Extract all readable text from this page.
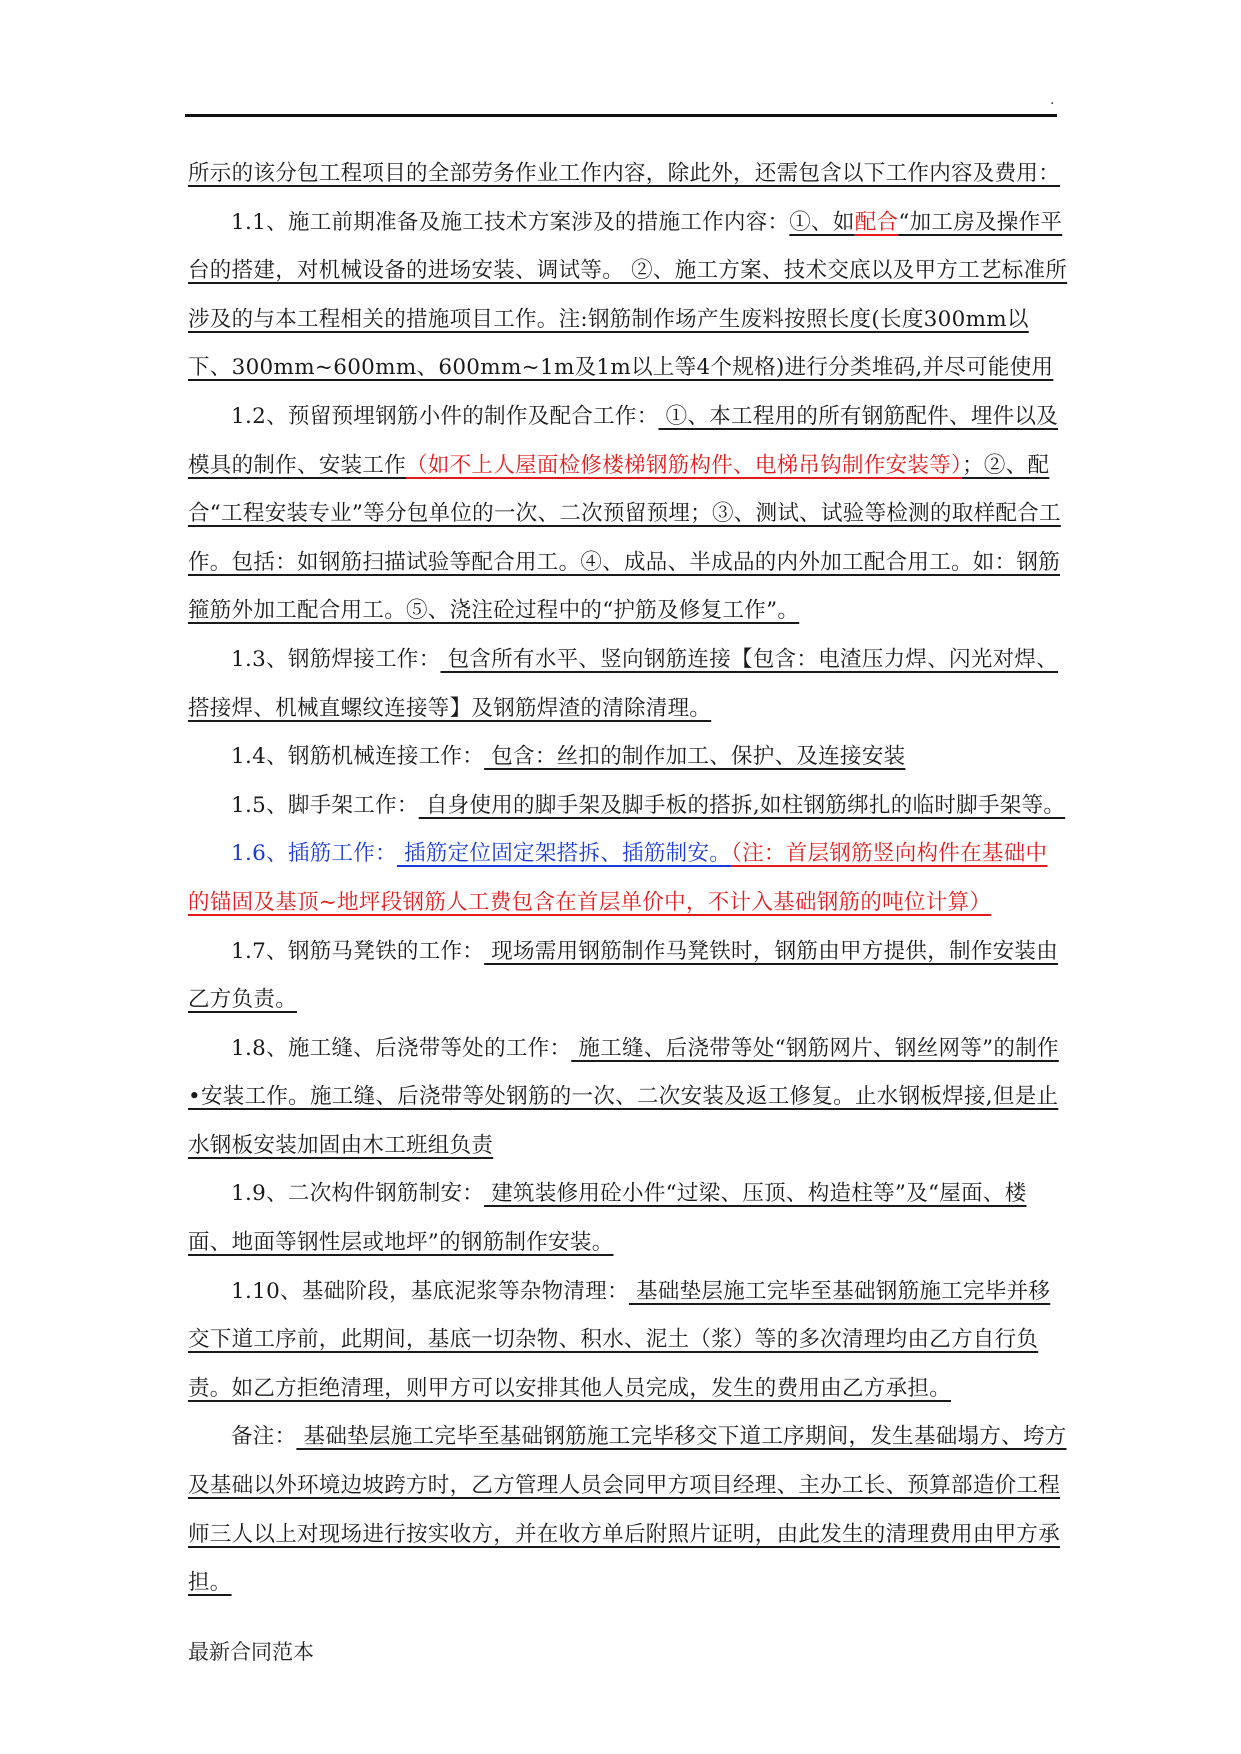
.

所示的该分包工程项目的全部劳务作业工作内容，除此外，还需包含以下工作内容及费用：

1.1、施工前期准备及施工技术方案涉及的措施工作内容：①、如配合“加工房及操作平台的搭建，对机械设备的进场安装、调试等。 ②、施工方案、技术交底以及甲方工艺标准所涉及的与本工程相关的措施项目工作。注:钢筋制作场产生废料按照长度(长度300mm以下、300mm~600mm、600mm~1m及1m以上等4个规格)进行分类堆码,并尽可能使用

1.2、预留预埋钢筋小件的制作及配合工作： ①、本工程用的所有钢筋配件、埋件以及模具的制作、安装工作（如不上人屋面检修楼梯钢筋构件、电梯吊钩制作安装等）；②、配合“工程安装专业”等分包单位的一次、二次预留预埋；③、测试、试验等检测的取样配合工作。包括：如钢筋扫描试验等配合用工。④、成品、半成品的内外加工配合用工。如：钢筋箍筋外加工配合用工。⑤、浇注砼过程中的“护筋及修复工作”。

1.3、钢筋焊接工作： 包含所有水平、竖向钢筋连接【包含：电渣压力焊、闪光对焊、搭接焊、机械直螺纹连接等】及钢筋焊渣的清除清理。

1.4、钢筋机械连接工作： 包含：丝扣的制作加工、保护、及连接安装

1.5、脚手架工作： 自身使用的脚手架及脚手板的搭拆,如柱钢筋绑扎的临时脚手架等。

1.6、插筋工作： 插筋定位固定架搭拆、插筋制安。（注：首层钢筋竖向构件在基础中的锚固及基顶~地坪段钢筋人工费包含在首层单价中，不计入基础钢筋的吨位计算）

1.7、钢筋马凳铁的工作： 现场需用钢筋制作马凳铁时，钢筋由甲方提供，制作安装由乙方负责。

1.8、施工缝、后浇带等处的工作： 施工缝、后浇带等处“钢筋网片、钢丝网等”的制作•安装工作。施工缝、后浇带等处钢筋的一次、二次安装及返工修复。止水钢板焊接,但是止水钢板安装加固由木工班组负责

1.9、二次构件钢筋制安： 建筑装修用砼小件“过梁、压顶、构造柱等”及“屋面、楼面、地面等钢性层或地坪”的钢筋制作安装。

1.10、基础阶段，基底泥浆等杂物清理： 基础垫层施工完毕至基础钢筋施工完毕并移交下道工序前，此期间，基底一切杂物、积水、泥土（浆）等的多次清理均由乙方自行负责。如乙方拒绝清理，则甲方可以安排其他人员完成，发生的费用由乙方承担。

备注： 基础垫层施工完毕至基础钢筋施工完毕移交下道工序期间，发生基础塌方、垮方及基础以外环境边坡跨方时，乙方管理人员会同甲方项目经理、主办工长、预算部造价工程师三人以上对现场进行按实收方，并在收方单后附照片证明，由此发生的清理费用由甲方承担。

最新合同范本
